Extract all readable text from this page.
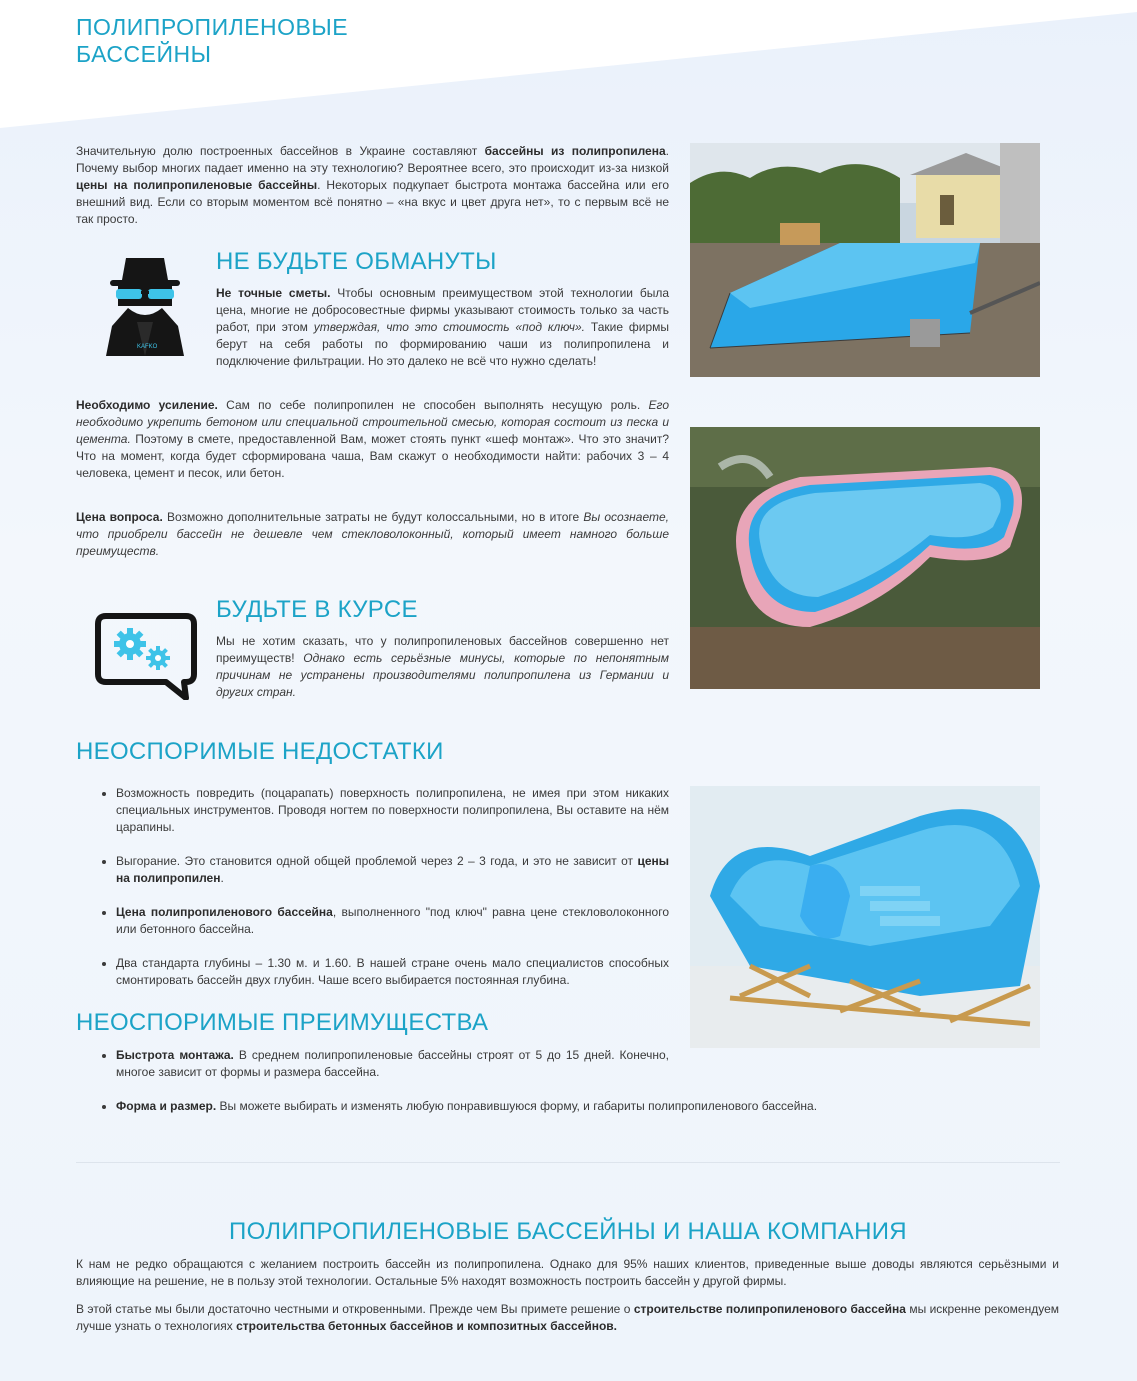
ПОЛИПРОПИЛЕНОВЫЕ БАССЕЙНЫ

Значительную долю построенных бассейнов в Украине составляют бассейны из полипропилена. Почему выбор многих падает именно на эту технологию? Вероятнее всего, это происходит из-за низкой цены на полипропиленовые бассейны. Некоторых подкупает быстрота монтажа бассейна или его внешний вид. Если со вторым моментом всё понятно – «на вкус и цвет друга нет», то с первым всё не так просто.

KAFKO
НЕ БУДЬТЕ ОБМАНУТЫ

Не точные сметы. Чтобы основным преимуществом этой технологии была цена, многие не добросовестные фирмы указывают стоимость только за часть работ, при этом утверждая, что это стоимость «под ключ». Такие фирмы берут на себя работы по формированию чаши из полипропилена и подключение фильтрации. Но это далеко не всё что нужно сделать!

Необходимо усиление. Сам по себе полипропилен не способен выполнять несущую роль. Его необходимо укрепить бетоном или специальной строительной смесью, которая состоит из песка и цемента. Поэтому в смете, предоставленной Вам, может стоять пункт «шеф монтаж». Что это значит? Что на момент, когда будет сформирована чаша, Вам скажут о необходимости найти: рабочих 3 – 4 человека, цемент и песок, или бетон.

Цена вопроса. Возможно дополнительные затраты не будут колоссальными, но в итоге Вы осознаете, что приобрели бассейн не дешевле чем стекловолоконный, который имеет намного больше преимуществ.

БУДЬТЕ В КУРСЕ

Мы не хотим сказать, что у полипропиленовых бассейнов совершенно нет преимуществ! Однако есть серьёзные минусы, которые по непонятным причинам не устранены производителями полипропилена из Германии и других стран.

НЕОСПОРИМЫЕ НЕДОСТАТКИ
• Возможность повредить (поцарапать) поверхность полипропилена, не имея при этом никаких специальных инструментов. Проводя ногтем по поверхности полипропилена, Вы оставите на нём царапины.
• Выгорание. Это становится одной общей проблемой через 2 – 3 года, и это не зависит от цены на полипропилен.
• Цена полипропиленового бассейна, выполненного "под ключ" равна цене стекловолоконного или бетонного бассейна.
• Два стандарта глубины – 1.30 м. и 1.60. В нашей стране очень мало специалистов способных смонтировать бассейн двух глубин. Чаше всего выбирается постоянная глубина.
НЕОСПОРИМЫЕ ПРЕИМУЩЕСТВА
• Быстрота монтажа. В среднем полипропиленовые бассейны строят от 5 до 15 дней. Конечно, многое зависит от формы и размера бассейна.
• Форма и размер. Вы можете выбирать и изменять любую понравившуюся форму, и габариты полипропиленового бассейна.
ПОЛИПРОПИЛЕНОВЫЕ БАССЕЙНЫ И НАША КОМПАНИЯ

К нам не редко обращаются с желанием построить бассейн из полипропилена. Однако для 95% наших клиентов, приведенные выше доводы являются серьёзными и влияющие на решение, не в пользу этой технологии. Остальные 5% находят возможность построить бассейн у другой фирмы.

В этой статье мы были достаточно честными и откровенными. Прежде чем Вы примете решение о строительстве полипропиленового бассейна мы искренне рекомендуем лучше узнать о технологиях строительства бетонных бассейнов и композитных бассейнов.
